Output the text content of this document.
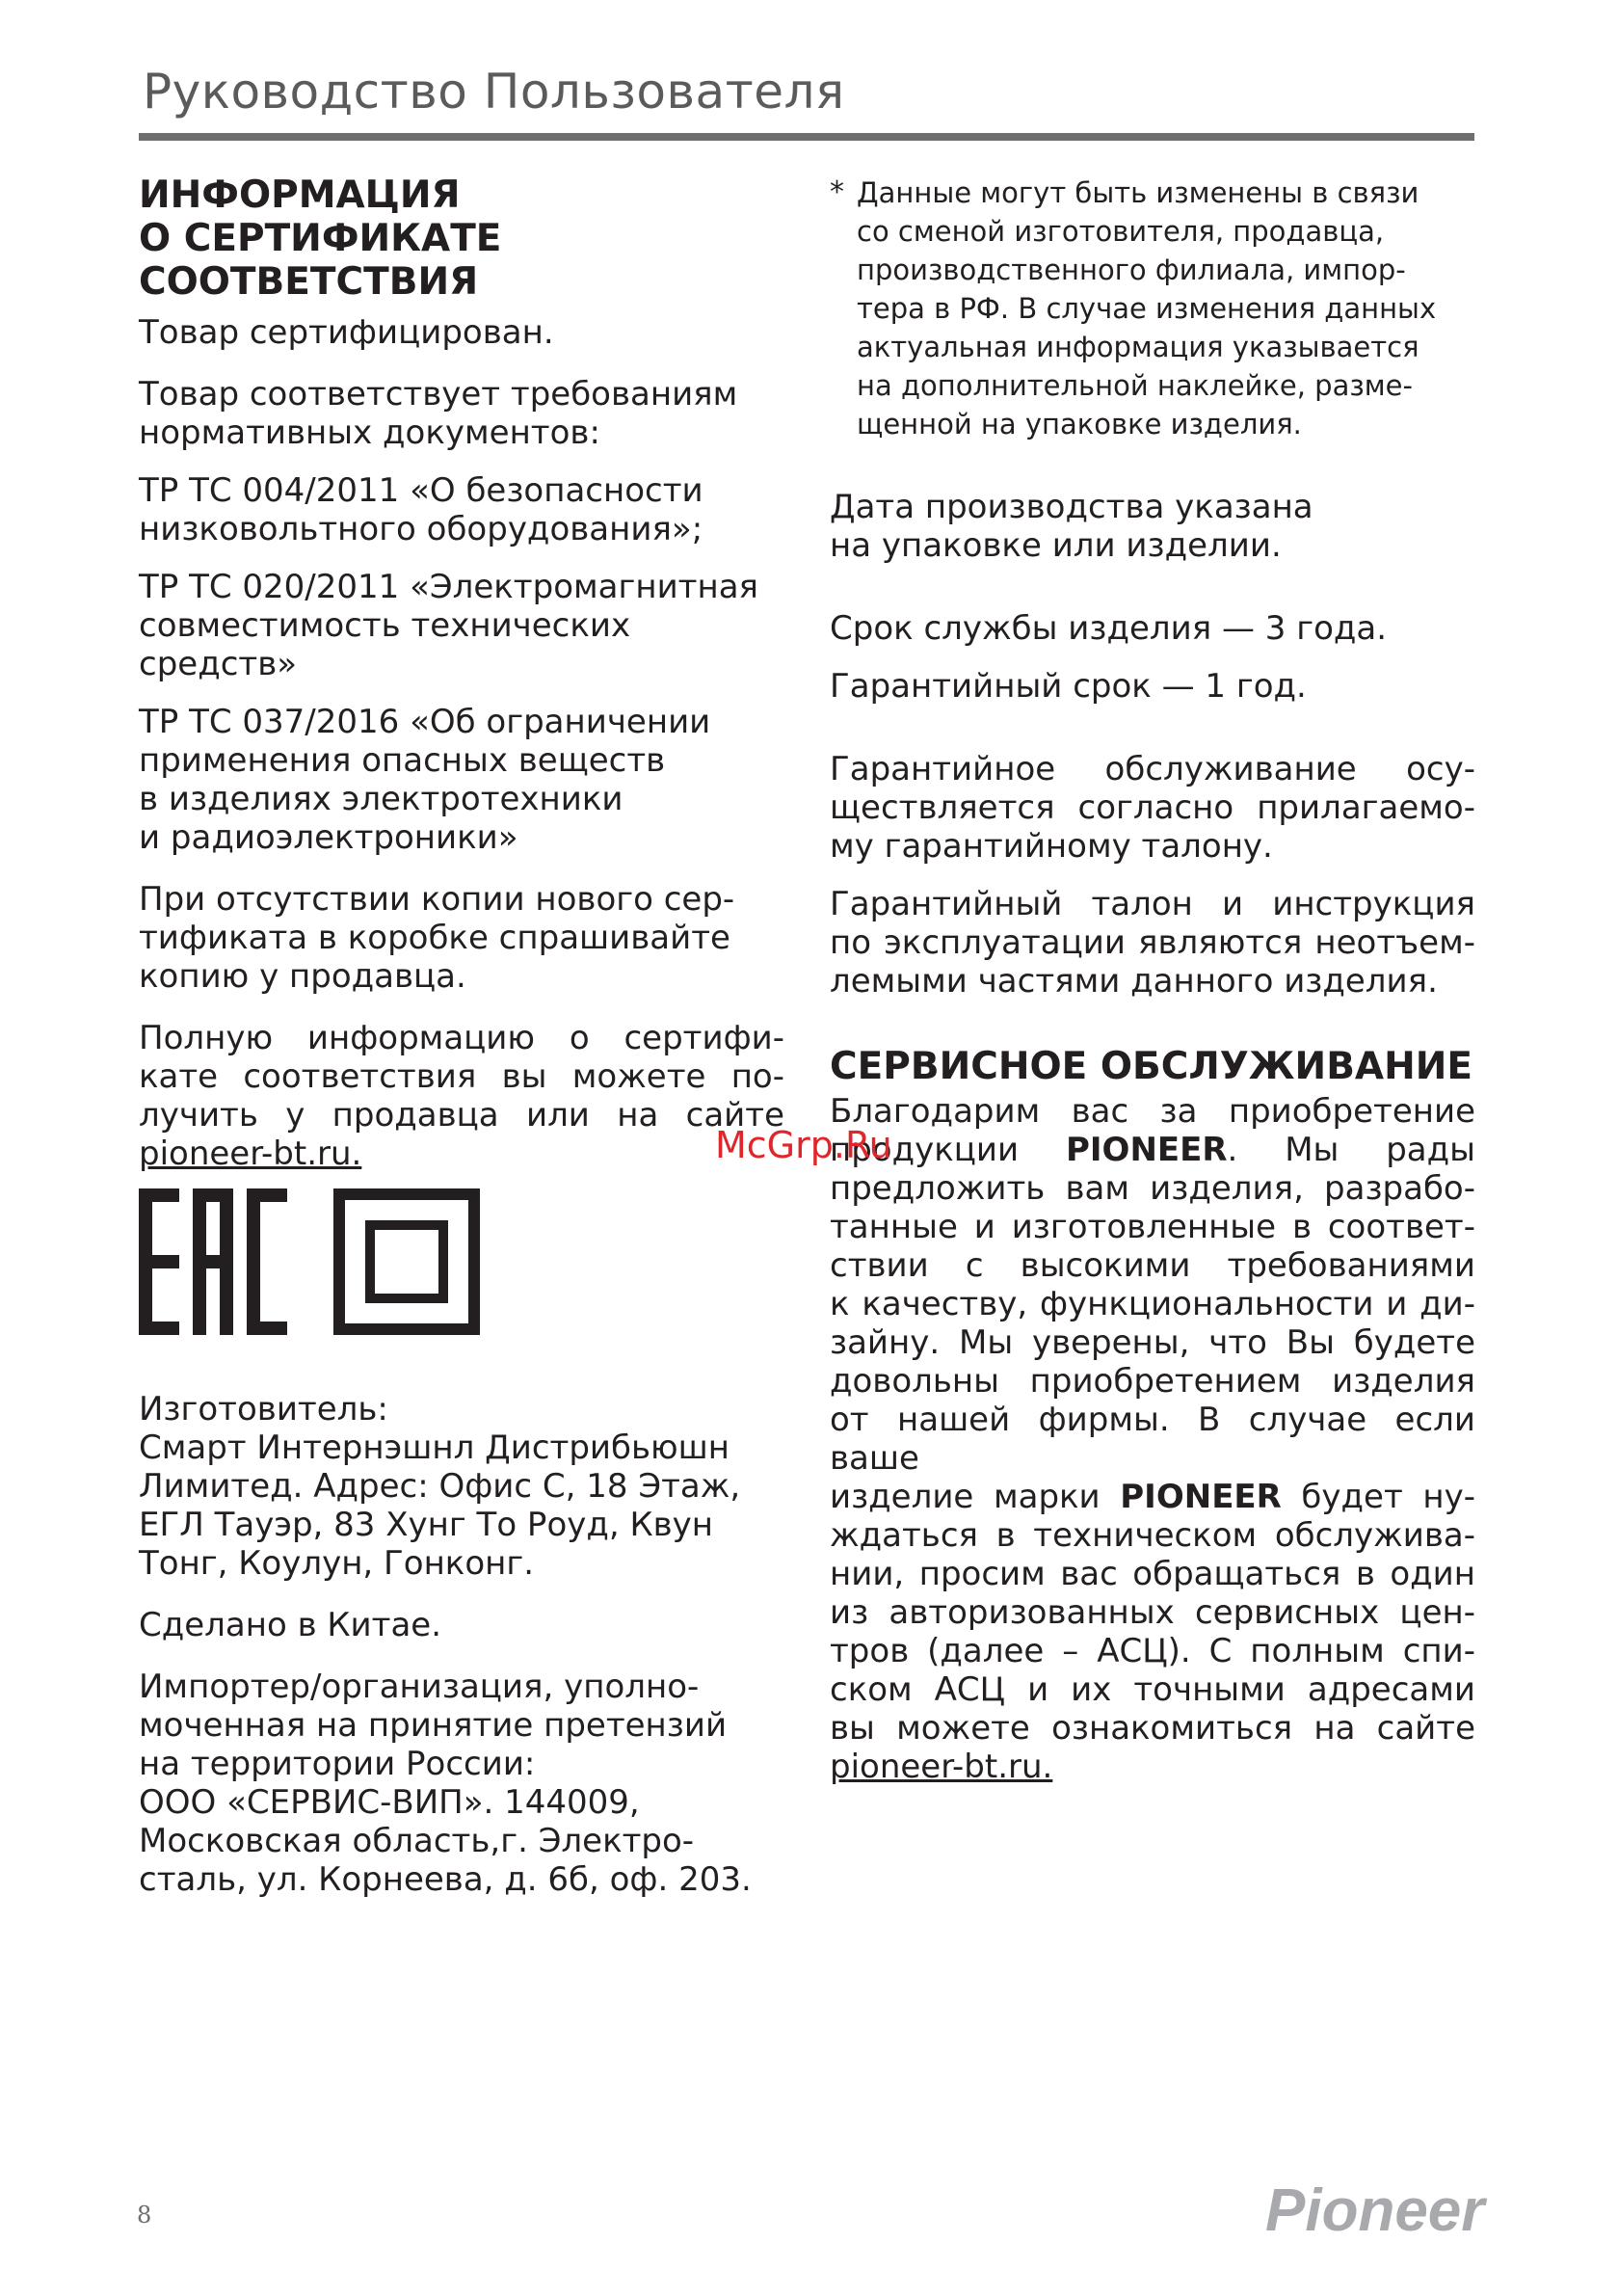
Руководство Пользователя
ИНФОРМАЦИЯ
О СЕРТИФИКАТЕ
СООТВЕТСТВИЯ
Товар сертифицирован.
Товар соответствует требованиям
нормативных документов:
ТР ТС 004/2011 «О безопасности
низковольтного оборудования»;
ТР ТС 020/2011 «Электромагнитная
совместимость технических
средств»
ТР ТС 037/2016 «Об ограничении
применения опасных веществ
в изделиях электротехники
и радиоэлектроники»
При отсутствии копии нового сер-
тификата в коробке спрашивайте
копию у продавца.
Полную информацию о сертифи-
кате соответствия вы можете по-
лучить у продавца или на сайте
pioneer-bt.ru.
Изготовитель:
Смарт Интернэшнл Дистрибьюшн
Лимитед. Адрес: Офис С, 18 Этаж,
ЕГЛ Тауэр, 83 Хунг То Роуд, Квун
Тонг, Коулун, Гонконг.
Сделано в Китае.
Импортер/организация, уполно-
моченная на принятие претензий
на территории России:
ООО «СЕРВИС-ВИП». 144009,
Московская область,г. Электро-
сталь, ул. Корнеева, д. 6б, оф. 203.
* Данные могут быть изменены в связи
со сменой изготовителя, продавца,
производственного филиала, импор-
тера в РФ. В случае изменения данных
актуальная информация указывается
на дополнительной наклейке, разме-
щенной на упаковке изделия.
Дата производства указана
на упаковке или изделии.
Срок службы изделия — 3 года.
Гарантийный срок — 1 год.
Гарантийное обслуживание осу-
ществляется согласно прилагаемо-
му гарантийному талону.
Гарантийный талон и инструкция
по эксплуатации являются неотъем-
лемыми частями данного изделия.
СЕРВИСНОЕ ОБСЛУЖИВАНИЕ
Благодарим вас за приобретение
продукции PIONEER. Мы рады
предложить вам изделия, разрабо-
танные и изготовленные в соответ-
ствии с высокими требованиями
к качеству, функциональности и ди-
зайну. Мы уверены, что Вы будете
довольны приобретением изделия
от нашей фирмы. В случае если ваше
изделие марки PIONEER будет ну-
ждаться в техническом обслужива-
нии, просим вас обращаться в один
из авторизованных сервисных цен-
тров (далее – АСЦ). С полным спи-
ском АСЦ и их точными адресами
вы можете ознакомиться на сайте
pioneer-bt.ru.
McGrp.Ru
8	Pioneer
